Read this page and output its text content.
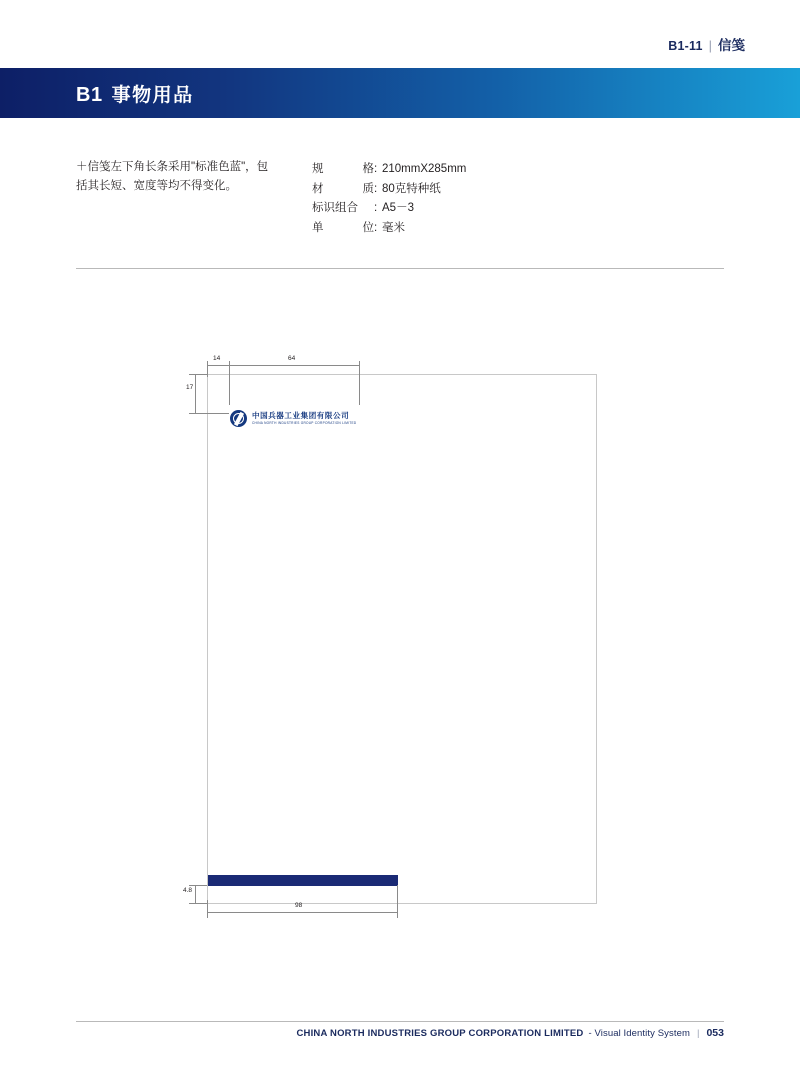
B1-11 | 信笺
B1 事物用品
＋信笺左下角长条采用"标准色蓝"，包括其长短、宽度等均不得变化。
规	格 : 210mmX285mm
材	质 : 80克特种纸
标识组合 : A5－3
单	位 : 毫米
中国兵器工业集团有限公司
CHINA NORTH INDUSTRIES GROUP CORPORATION LIMITED
14	64
17
4.8
98
CHINA NORTH INDUSTRIES GROUP CORPORATION LIMITED - Visual Identity System | 053
